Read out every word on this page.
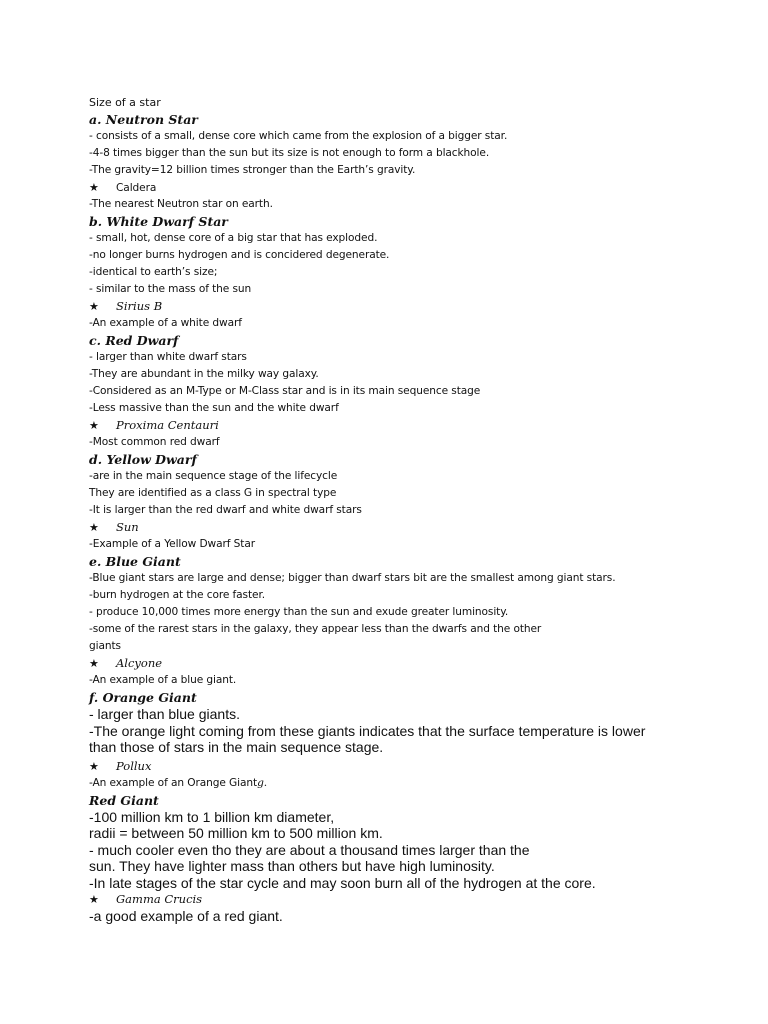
Size of a star
a. Neutron Star
- consists of a small, dense core which came from the explosion of a bigger star.
-4-8 times bigger than the sun but its size is not enough to form a blackhole.
-The gravity=12 billion times stronger than the Earth’s gravity.
★ Caldera
-The nearest Neutron star on earth.
b. White Dwarf Star
- small, hot, dense core of a big star that has exploded.
-no longer burns hydrogen and is concidered degenerate.
-identical to earth’s size;
- similar to the mass of the sun
★ Sirius B
-An example of a white dwarf
c. Red Dwarf
- larger than white dwarf stars
-They are abundant in the milky way galaxy.
-Considered as an M-Type or M-Class star and is in its main sequence stage
-Less massive than the sun and the white dwarf
★ Proxima Centauri
-Most common red dwarf
d. Yellow Dwarf
-are in the main sequence stage of the lifecycle
They are identified as a class G in spectral type
-It is larger than the red dwarf and white dwarf stars
★ Sun
-Example of a Yellow Dwarf Star
e. Blue Giant
-Blue giant stars are large and dense; bigger than dwarf stars bit are the smallest among giant stars.
-burn hydrogen at the core faster.
- produce 10,000 times more energy than the sun and exude greater luminosity.
-some of the rarest stars in the galaxy, they appear less than the dwarfs and the other
giants
★ Alcyone
-An example of a blue giant.
f. Orange Giant
- larger than blue giants.
-The orange light coming from these giants indicates that the surface temperature is lower than those of stars in the main sequence stage.
★ Pollux
-An example of an Orange Giantg.
Red Giant
-100 million km to 1 billion km diameter,
radii = between 50 million km to 500 million km.
- much cooler even tho they are about a thousand times larger than the
sun. They have lighter mass than others but have high luminosity.
-In late stages of the star cycle and may soon burn all of the hydrogen at the core.
★ Gamma Crucis
-a good example of a red giant.
